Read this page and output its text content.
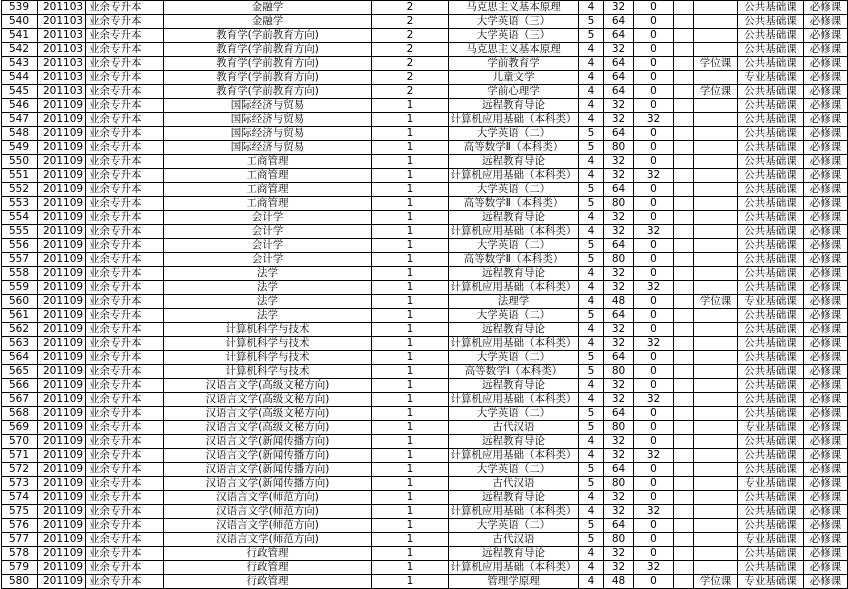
539	201103	业余专升本	金融学	2	马克思主义基本原理	4	32	0			公共基础课	必修课
540	201103	业余专升本	金融学	2	大学英语（三）	5	64	0			公共基础课	必修课
541	201103	业余专升本	教育学(学前教育方向)	2	大学英语（三）	5	64	0			公共基础课	必修课
542	201103	业余专升本	教育学(学前教育方向)	2	马克思主义基本原理	4	32	0			公共基础课	必修课
543	201103	业余专升本	教育学(学前教育方向)	2	学前教育学	4	64	0		学位课	公共基础课	必修课
544	201103	业余专升本	教育学(学前教育方向)	2	儿童文学	4	64	0			专业基础课	必修课
545	201103	业余专升本	教育学(学前教育方向)	2	学前心理学	4	64	0		学位课	公共基础课	必修课
546	201109	业余专升本	国际经济与贸易	1	远程教育导论	4	32	0			公共基础课	必修课
547	201109	业余专升本	国际经济与贸易	1	计算机应用基础（本科类）	4	32	32			公共基础课	必修课
548	201109	业余专升本	国际经济与贸易	1	大学英语（二）	5	64	0			公共基础课	必修课
549	201109	业余专升本	国际经济与贸易	1	高等数学Ⅱ（本科类）	5	80	0			公共基础课	必修课
550	201109	业余专升本	工商管理	1	远程教育导论	4	32	0			公共基础课	必修课
551	201109	业余专升本	工商管理	1	计算机应用基础（本科类）	4	32	32			公共基础课	必修课
552	201109	业余专升本	工商管理	1	大学英语（二）	5	64	0			公共基础课	必修课
553	201109	业余专升本	工商管理	1	高等数学Ⅱ（本科类）	5	80	0			公共基础课	必修课
554	201109	业余专升本	会计学	1	远程教育导论	4	32	0			公共基础课	必修课
555	201109	业余专升本	会计学	1	计算机应用基础（本科类）	4	32	32			公共基础课	必修课
556	201109	业余专升本	会计学	1	大学英语（二）	5	64	0			公共基础课	必修课
557	201109	业余专升本	会计学	1	高等数学Ⅱ（本科类）	5	80	0			公共基础课	必修课
558	201109	业余专升本	法学	1	远程教育导论	4	32	0			公共基础课	必修课
559	201109	业余专升本	法学	1	计算机应用基础（本科类）	4	32	32			公共基础课	必修课
560	201109	业余专升本	法学	1	法理学	4	48	0		学位课	专业基础课	必修课
561	201109	业余专升本	法学	1	大学英语（二）	5	64	0			公共基础课	必修课
562	201109	业余专升本	计算机科学与技术	1	远程教育导论	4	32	0			公共基础课	必修课
563	201109	业余专升本	计算机科学与技术	1	计算机应用基础（本科类）	4	32	32			公共基础课	必修课
564	201109	业余专升本	计算机科学与技术	1	大学英语（二）	5	64	0			公共基础课	必修课
565	201109	业余专升本	计算机科学与技术	1	高等数学Ⅰ（本科类）	5	80	0			公共基础课	必修课
566	201109	业余专升本	汉语言文学(高级文秘方向)	1	远程教育导论	4	32	0			公共基础课	必修课
567	201109	业余专升本	汉语言文学(高级文秘方向)	1	计算机应用基础（本科类）	4	32	32			公共基础课	必修课
568	201109	业余专升本	汉语言文学(高级文秘方向)	1	大学英语（二）	5	64	0			公共基础课	必修课
569	201109	业余专升本	汉语言文学(高级文秘方向)	1	古代汉语	5	80	0			专业基础课	必修课
570	201109	业余专升本	汉语言文学(新闻传播方向)	1	远程教育导论	4	32	0			公共基础课	必修课
571	201109	业余专升本	汉语言文学(新闻传播方向)	1	计算机应用基础（本科类）	4	32	32			公共基础课	必修课
572	201109	业余专升本	汉语言文学(新闻传播方向)	1	大学英语（二）	5	64	0			公共基础课	必修课
573	201109	业余专升本	汉语言文学(新闻传播方向)	1	古代汉语	5	80	0			专业基础课	必修课
574	201109	业余专升本	汉语言文学(师范方向)	1	远程教育导论	4	32	0			公共基础课	必修课
575	201109	业余专升本	汉语言文学(师范方向)	1	计算机应用基础（本科类）	4	32	32			公共基础课	必修课
576	201109	业余专升本	汉语言文学(师范方向)	1	大学英语（二）	5	64	0			公共基础课	必修课
577	201109	业余专升本	汉语言文学(师范方向)	1	古代汉语	5	80	0			专业基础课	必修课
578	201109	业余专升本	行政管理	1	远程教育导论	4	32	0			公共基础课	必修课
579	201109	业余专升本	行政管理	1	计算机应用基础（本科类）	4	32	32			公共基础课	必修课
580	201109	业余专升本	行政管理	1	管理学原理	4	48	0		学位课	专业基础课	必修课
